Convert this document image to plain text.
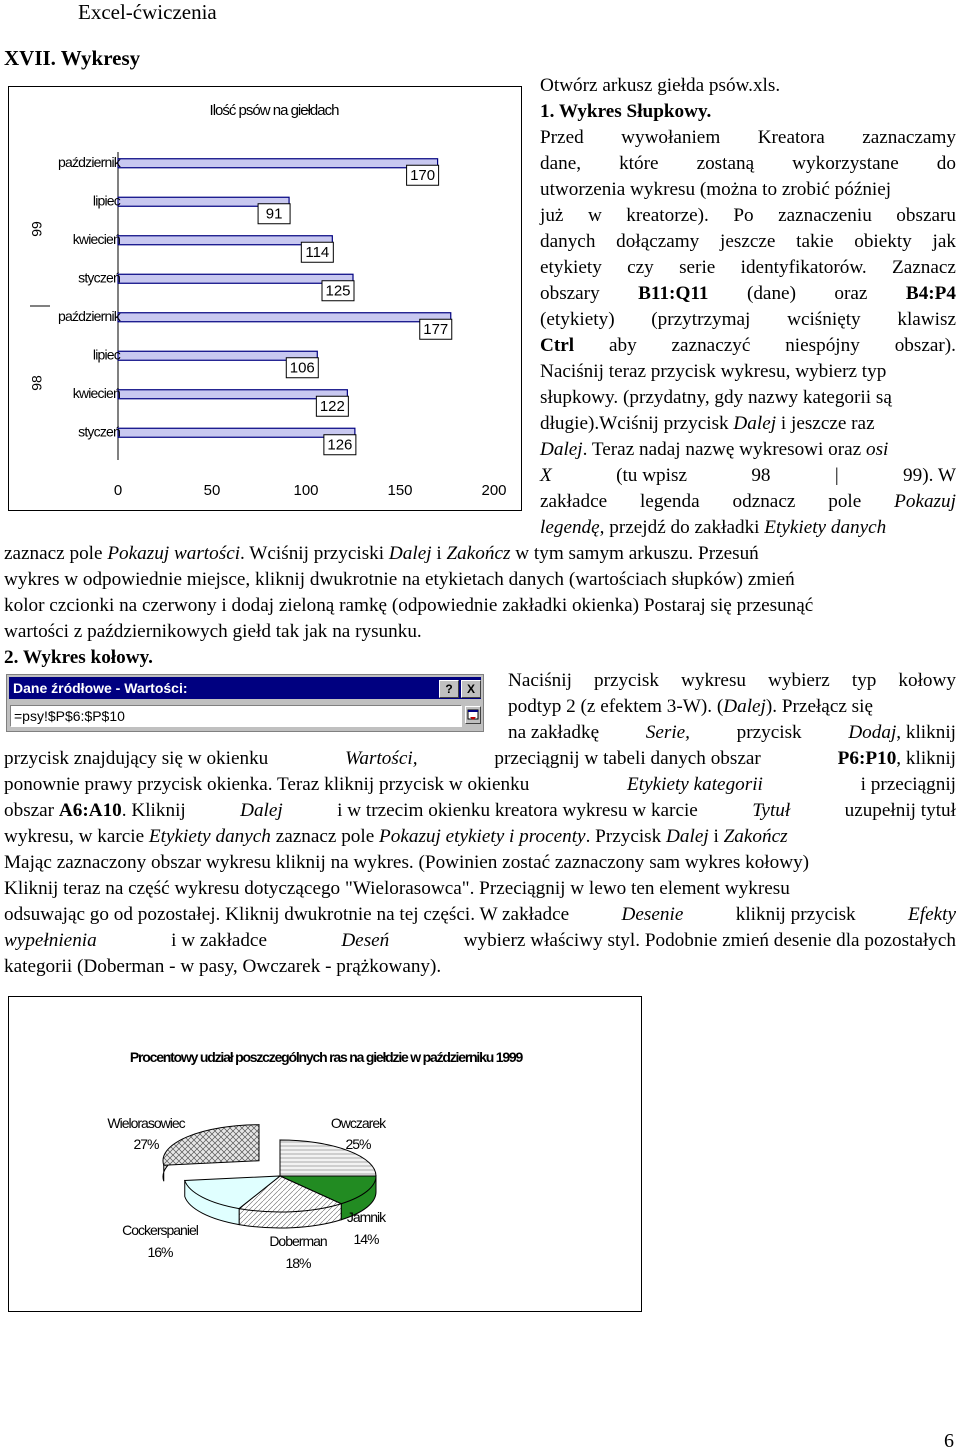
Excel-ćwiczenia
XVII. Wykresy
Ilość psów na giełdach
99
98
0	50	100	150	200
październik
170
lipiec
91
kwiecień
114
styczeń
125
październik
177
lipiec
106
kwiecień
122
styczeń
126
Otwórz arkusz giełda psów.xls.
1. Wykres Słupkowy.
Przed wywołaniem Kreatora zaznaczamy
dane, które zostaną wykorzystane do
utworzenia wykresu (można to zrobić później
już w kreatorze). Po zaznaczeniu obszaru
danych dołączamy jeszcze takie obiekty jak
etykiety czy serie identyfikatorów. Zaznacz
obszary B11:Q11 (dane) oraz B4:P4
(etykiety) (przytrzymaj wciśnięty klawisz
Ctrl aby zaznaczyć niespójny obszar).
Naciśnij teraz przycisk wykresu, wybierz typ
słupkowy. (przydatny, gdy nazwy kategorii są
długie).Wciśnij przycisk Dalej i jeszcze raz
Dalej. Teraz nadaj nazwę wykresowi oraz osi
X	(tu wpisz	98	|	99). W
zakładce legenda odznacz pole Pokazuj
legendę, przejdź do zakładki Etykiety danych
zaznacz pole Pokazuj wartości. Wciśnij przyciski Dalej i Zakończ w tym samym arkuszu. Przesuń
wykres w odpowiednie miejsce, kliknij dwukrotnie na etykietach danych (wartościach słupków) zmień
kolor czcionki na czerwony i dodaj zieloną ramkę (odpowiednie zakładki okienka) Postaraj się przesunąć
wartości z październikowych giełd tak jak na rysunku.
2. Wykres kołowy.
Dane źródłowe - Wartości:	?	X
=psy!$P$6:$P$10
Naciśnij przycisk wykresu wybierz typ kołowy
podtyp 2 (z efektem 3-W). (Dalej). Przełącz się
na zakładkę Serie, przycisk Dodaj, kliknij
przycisk znajdujący się w okienku	Wartości,	przeciągnij w tabeli danych obszar	P6:P10, kliknij
ponownie prawy przycisk okienka. Teraz kliknij przycisk w okienku	Etykiety kategorii	i przeciągnij
obszar A6:A10. Kliknij	Dalej	i w trzecim okienku kreatora wykresu w karcie	Tytuł	uzupełnij tytuł
wykresu, w karcie Etykiety danych zaznacz pole Pokazuj etykiety i procenty. Przycisk Dalej i Zakończ
Mając zaznaczony obszar wykresu kliknij na wykres. (Powinien zostać zaznaczony sam wykres kołowy)
Kliknij teraz na część wykresu dotyczącego "Wielorasowca". Przeciągnij w lewo ten element wykresu
odsuwając go od pozostałej. Kliknij dwukrotnie na tej części. W zakładce	Desenie	kliknij przycisk	Efekty
wypełnienia	i w zakładce	Deseń	wybierz właściwy styl. Podobnie zmień desenie dla pozostałych
kategorii (Doberman - w pasy, Owczarek - prążkowany).
Procentowy udział poszczególnych ras na giełdzie w październiku 1999
Wielorasowiec
27%
Owczarek
25%
Jamnik
14%
Doberman
18%
Cockerspaniel
16%
6
